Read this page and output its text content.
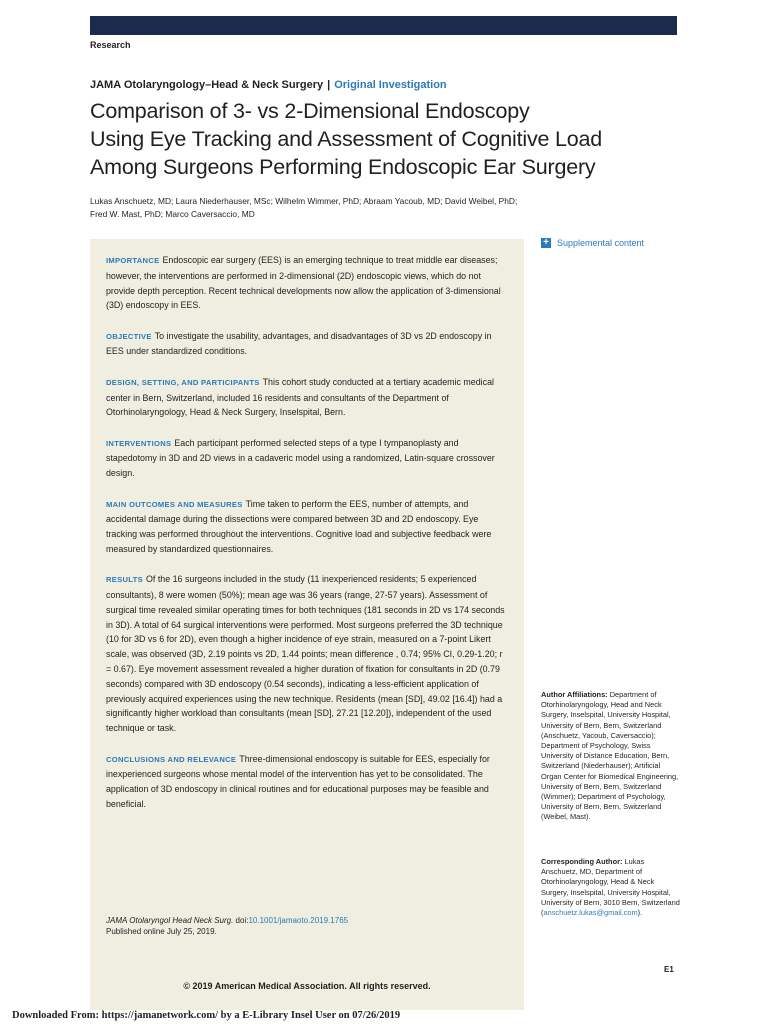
Research
JAMA Otolaryngology–Head & Neck Surgery | Original Investigation
Comparison of 3- vs 2-Dimensional Endoscopy
Using Eye Tracking and Assessment of Cognitive Load
Among Surgeons Performing Endoscopic Ear Surgery

Lukas Anschuetz, MD; Laura Niederhauser, MSc; Wilhelm Wimmer, PhD; Abraam Yacoub, MD; David Weibel, PhD;
Fred W. Mast, PhD; Marco Caversaccio, MD

IMPORTANCE Endoscopic ear surgery (EES) is an emerging technique to treat middle ear diseases; however, the interventions are performed in 2-dimensional (2D) endoscopic views, which do not provide depth perception. Recent technical developments now allow the application of 3-dimensional (3D) endoscopy in EES.

OBJECTIVE To investigate the usability, advantages, and disadvantages of 3D vs 2D endoscopy in EES under standardized conditions.

DESIGN, SETTING, AND PARTICIPANTS This cohort study conducted at a tertiary academic medical center in Bern, Switzerland, included 16 residents and consultants of the Department of Otorhinolaryngology, Head & Neck Surgery, Inselspital, Bern.

INTERVENTIONS Each participant performed selected steps of a type I tympanoplasty and stapedotomy in 3D and 2D views in a cadaveric model using a randomized, Latin-square crossover design.

MAIN OUTCOMES AND MEASURES Time taken to perform the EES, number of attempts, and accidental damage during the dissections were compared between 3D and 2D endoscopy. Eye tracking was performed throughout the interventions. Cognitive load and subjective feedback were measured by standardized questionnaires.

RESULTS Of the 16 surgeons included in the study (11 inexperienced residents; 5 experienced consultants), 8 were women (50%); mean age was 36 years (range, 27-57 years). Assessment of surgical time revealed similar operating times for both techniques (181 seconds in 2D vs 174 seconds in 3D). A total of 64 surgical interventions were performed. Most surgeons preferred the 3D technique (10 for 3D vs 6 for 2D), even though a higher incidence of eye strain, measured on a 7-point Likert scale, was observed (3D, 2.19 points vs 2D, 1.44 points; mean difference , 0.74; 95% CI, 0.29-1.20; r = 0.67). Eye movement assessment revealed a higher duration of fixation for consultants in 2D (0.79 seconds) compared with 3D endoscopy (0.54 seconds), indicating a less-efficient application of previously acquired experiences using the new technique. Residents (mean [SD], 49.02 [16.4]) had a significantly higher workload than consultants (mean [SD], 27.21 [12.20]), independent of the used technique or task.

CONCLUSIONS AND RELEVANCE Three-dimensional endoscopy is suitable for EES, especially for inexperienced surgeons whose mental model of the intervention has yet to be consolidated. The application of 3D endoscopy in clinical routines and for educational purposes may be feasible and beneficial.

JAMA Otolaryngol Head Neck Surg. doi:10.1001/jamaoto.2019.1765
Published online July 25, 2019.
© 2019 American Medical Association. All rights reserved.
+ Supplemental content

Author Affiliations: Department of Otorhinolaryngology, Head and Neck Surgery, Inselspital, University Hospital, University of Bern, Bern, Switzerland (Anschuetz, Yacoub, Caversaccio); Department of Psychology, Swiss University of Distance Education, Bern, Switzerland (Niederhauser); Artificial Organ Center for Biomedical Engineering, University of Bern, Bern, Switzerland (Wimmer); Department of Psychology, University of Bern, Bern, Switzerland (Weibel, Mast).

Corresponding Author: Lukas Anschuetz, MD, Department of Otorhinolaryngology, Head & Neck Surgery, Inselspital, University Hospital, University of Bern, 3010 Bern, Switzerland (anschuetz.lukas@gmail.com).

E1
Downloaded From: https://jamanetwork.com/ by a E-Library Insel User on 07/26/2019
